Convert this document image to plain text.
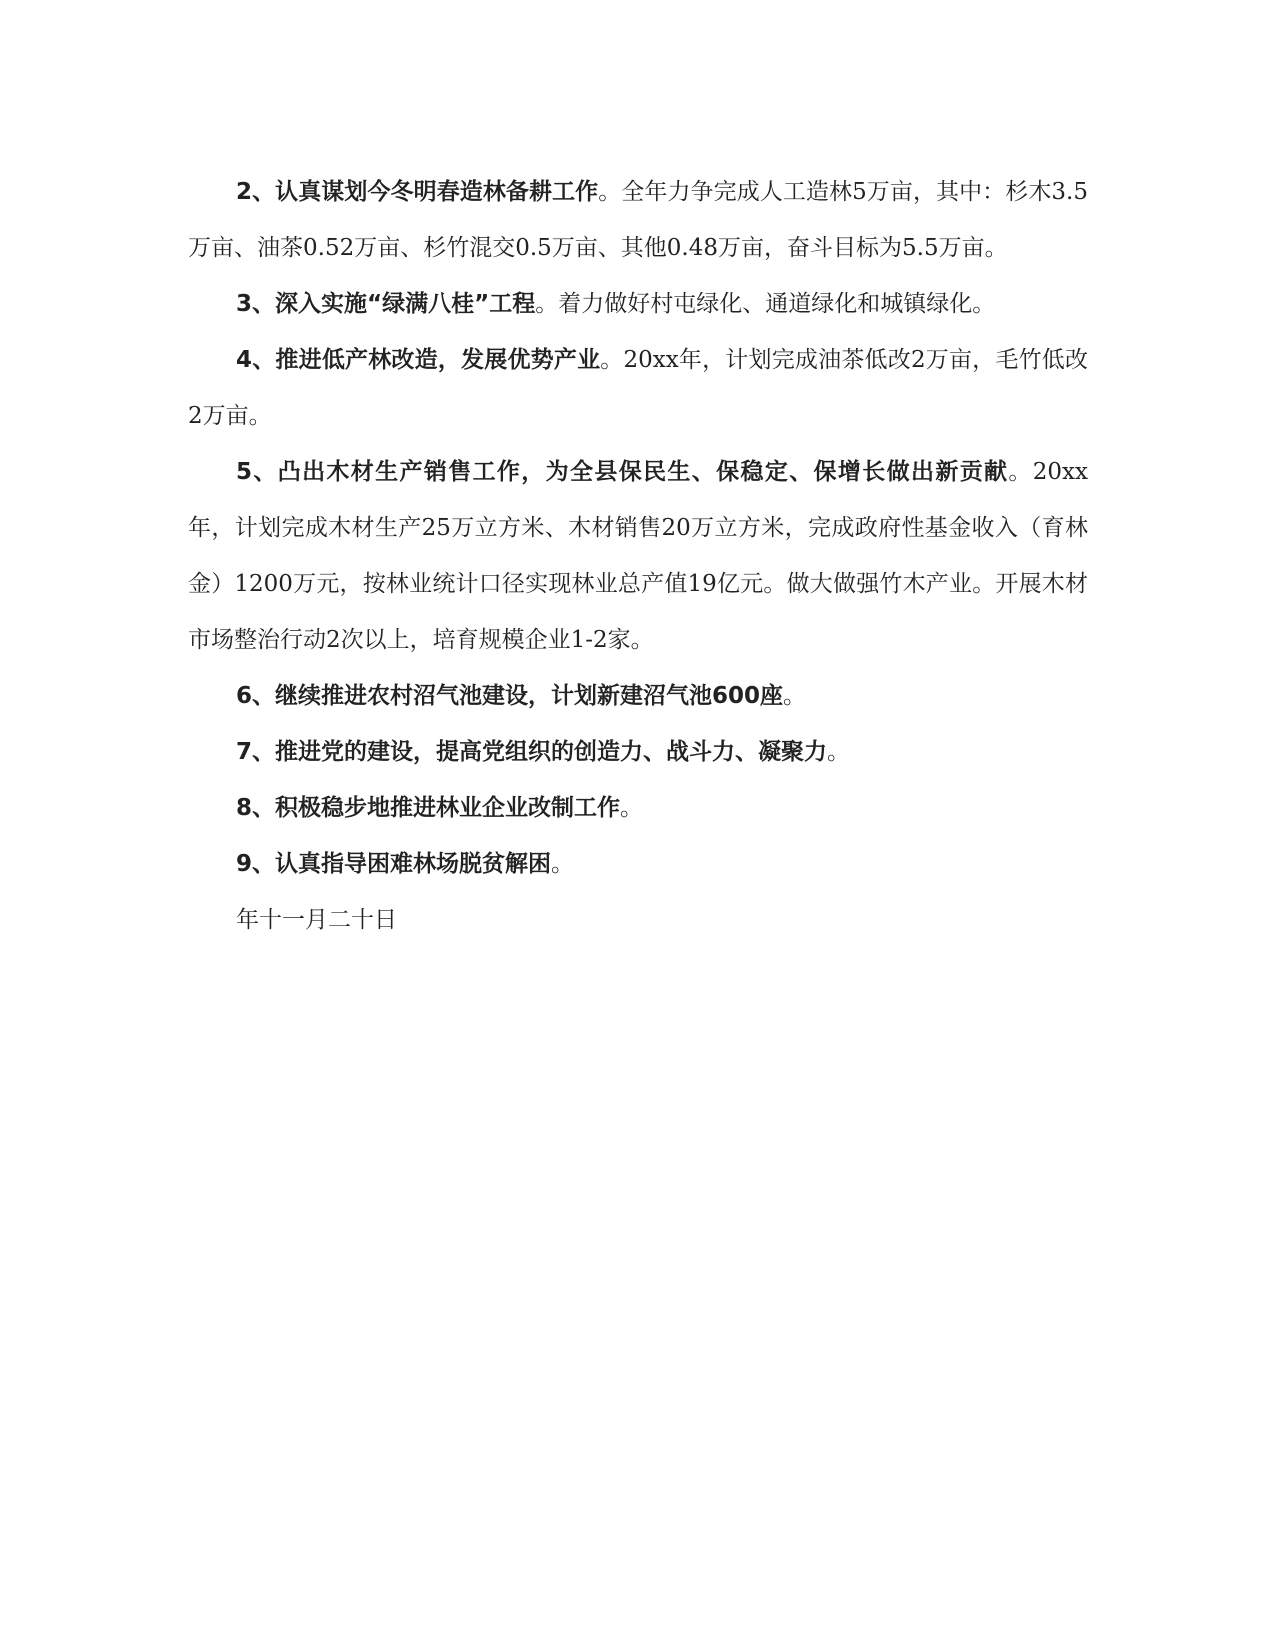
2、认真谋划今冬明春造林备耕工作。全年力争完成人工造林5万亩，其中：杉木3.5万亩、油茶0.52万亩、杉竹混交0.5万亩、其他0.48万亩，奋斗目标为5.5万亩。

3、深入实施“绿满八桂”工程。着力做好村屯绿化、通道绿化和城镇绿化。

4、推进低产林改造，发展优势产业。20xx年，计划完成油茶低改2万亩，毛竹低改2万亩。

5、凸出木材生产销售工作，为全县保民生、保稳定、保增长做出新贡献。20xx年，计划完成木材生产25万立方米、木材销售20万立方米，完成政府性基金收入（育林金）1200万元，按林业统计口径实现林业总产值19亿元。做大做强竹木产业。开展木材市场整治行动2次以上，培育规模企业1-2家。

6、继续推进农村沼气池建设，计划新建沼气池600座。

7、推进党的建设，提高党组织的创造力、战斗力、凝聚力。

8、积极稳步地推进林业企业改制工作。

9、认真指导困难林场脱贫解困。

年十一月二十日
